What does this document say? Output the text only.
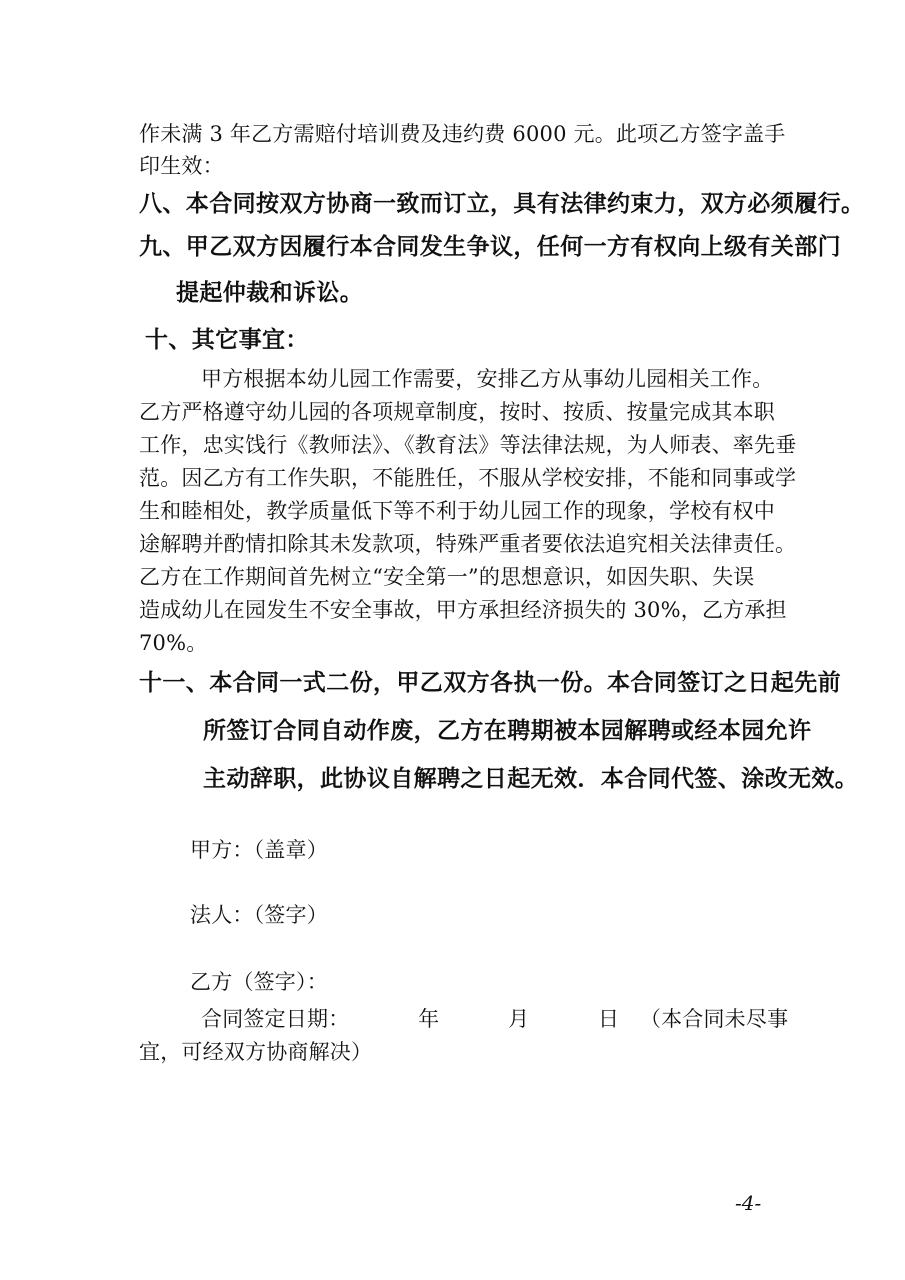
作未满 3 年乙方需赔付培训费及违约费 6000 元。此项乙方签字盖手
印生效：
八、本合同按双方协商一致而订立，具有法律约束力，双方必须履行。
九、甲乙双方因履行本合同发生争议，任何一方有权向上级有关部门
提起仲裁和诉讼。
十、其它事宜：
甲方根据本幼儿园工作需要，安排乙方从事幼儿园相关工作。
乙方严格遵守幼儿园的各项规章制度，按时、按质、按量完成其本职
工作，忠实饯行《教师法》、《教育法》等法律法规，为人师表、率先垂
范。因乙方有工作失职，不能胜任，不服从学校安排，不能和同事或学
生和睦相处，教学质量低下等不利于幼儿园工作的现象，学校有权中
途解聘并酌情扣除其未发款项，特殊严重者要依法追究相关法律责任。
乙方在工作期间首先树立“安全第一”的思想意识，如因失职、失误
造成幼儿在园发生不安全事故，甲方承担经济损失的 30%，乙方承担
70%。
十一、本合同一式二份，甲乙双方各执一份。本合同签订之日起先前
所签订合同自动作废，乙方在聘期被本园解聘或经本园允许
主动辞职，此协议自解聘之日起无效．本合同代签、涂改无效。
甲方：（盖章）
法人：（签字）
乙方（签字）：
合同签定日期：          年          月          日   （本合同未尽事
宜，可经双方协商解决）
-4-
